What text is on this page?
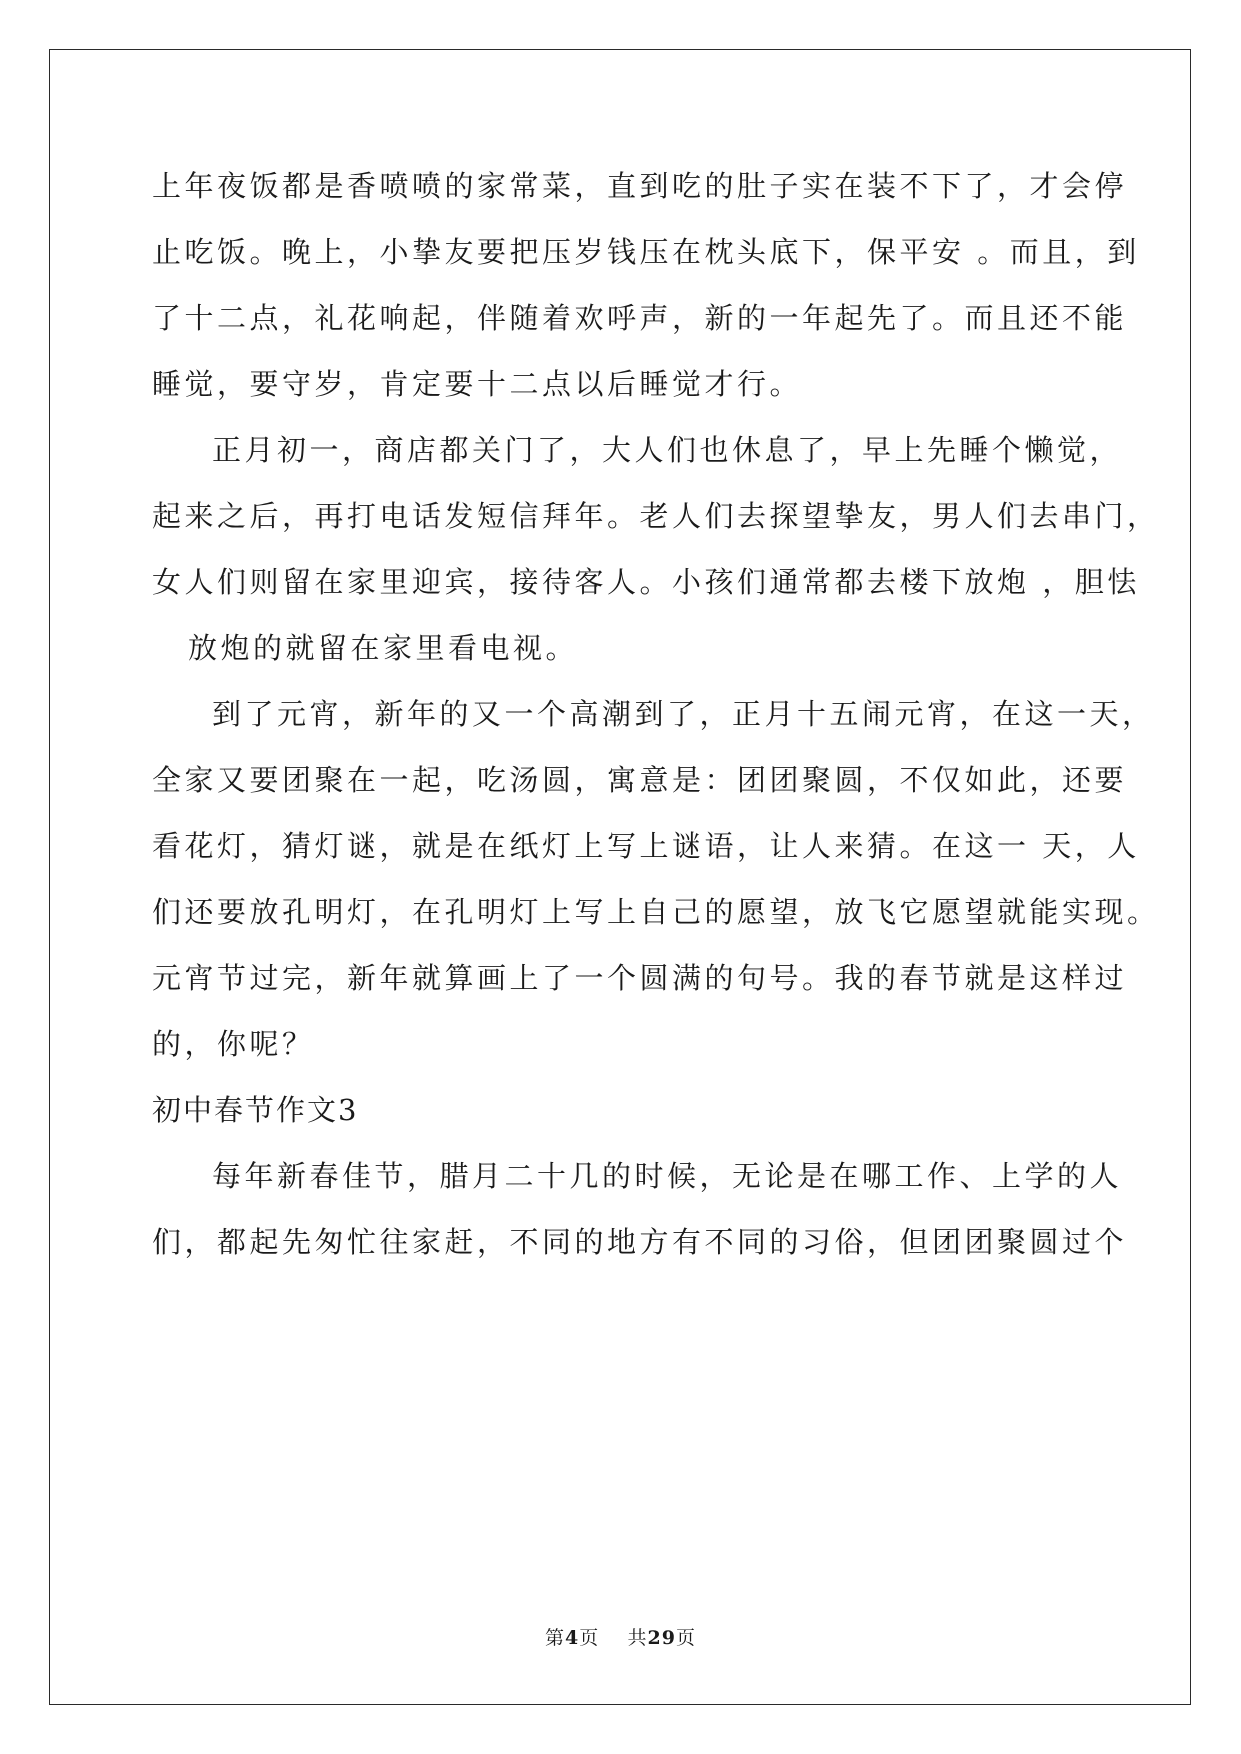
上年夜饭都是香喷喷的家常菜，直到吃的肚子实在装不下了，才会停
止吃饭。晚上，小挚友要把压岁钱压在枕头底下，保平安 。而且，到
了十二点，礼花响起，伴随着欢呼声，新的一年起先了。而且还不能
睡觉，要守岁，肯定要十二点以后睡觉才行。
正月初一，商店都关门了，大人们也休息了，早上先睡个懒觉，
起来之后，再打电话发短信拜年。老人们去探望挚友，男人们去串门，
女人们则留在家里迎宾，接待客人。小孩们通常都去楼下放炮 ，胆怯
放炮的就留在家里看电视。
到了元宵，新年的又一个高潮到了，正月十五闹元宵，在这一天，
全家又要团聚在一起，吃汤圆，寓意是：团团聚圆，不仅如此，还要
看花灯，猜灯谜，就是在纸灯上写上谜语，让人来猜。在这一 天，人
们还要放孔明灯，在孔明灯上写上自己的愿望，放飞它愿望就能实现。
元宵节过完，新年就算画上了一个圆满的句号。我的春节就是这样过
的，你呢？
初中春节作文3
每年新春佳节，腊月二十几的时候，无论是在哪工作、上学的人
们，都起先匆忙往家赶，不同的地方有不同的习俗，但团团聚圆过个
第4页 共29页
